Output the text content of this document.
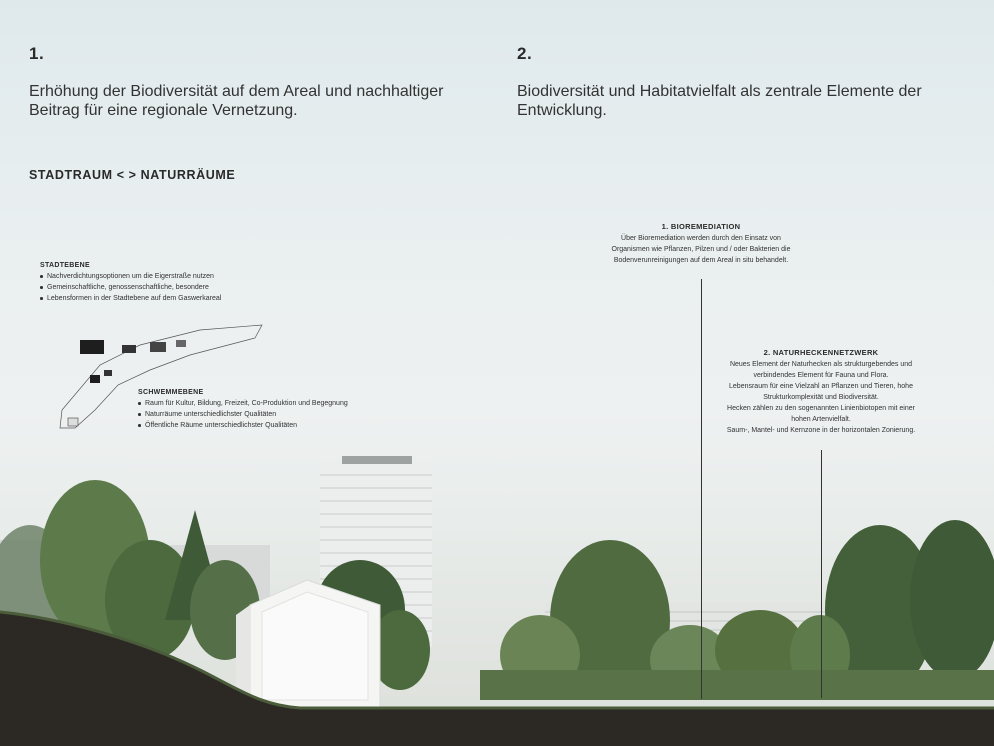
1.
Erhöhung der Biodiversität auf dem Areal und nachhaltiger Beitrag für eine regionale Vernetzung.
2.
Biodiversität und Habitatvielfalt als zentrale Elemente der Entwicklung.
STADTRAUM < > NATURRÄUME
STADTEBENE
Nachverdichtungsoptionen um die Eigerstraße nutzen
Gemeinschaftliche, genossenschaftliche, besondere
Lebensformen in der Stadtebene auf dem Gaswerkareal
SCHWEMMEBENE
Raum für Kultur, Bildung, Freizeit, Co-Produktion und Begegnung
Naturräume unterschiedlichster Qualitäten
Öffentliche Räume unterschiedlichster Qualitäten
1. BIOREMEDIATION
Über Bioremediation werden durch den Einsatz von
Organismen wie Pflanzen, Pilzen und / oder Bakterien die
Bodenverunreinigungen auf dem Areal in situ behandelt.
2. NATURHECKENNETZWERK
Neues Element der Naturhecken als strukturgebendes und
verbindendes Element für Fauna und Flora.
Lebensraum für eine Vielzahl an Pflanzen und Tieren, hohe
Strukturkomplexität und Biodiversität.
Hecken zählen zu den sogenannten Linienbiotopen mit einer
hohen Artenvielfalt.
Saum-, Mantel- und Kernzone in der horizontalen Zonierung.
